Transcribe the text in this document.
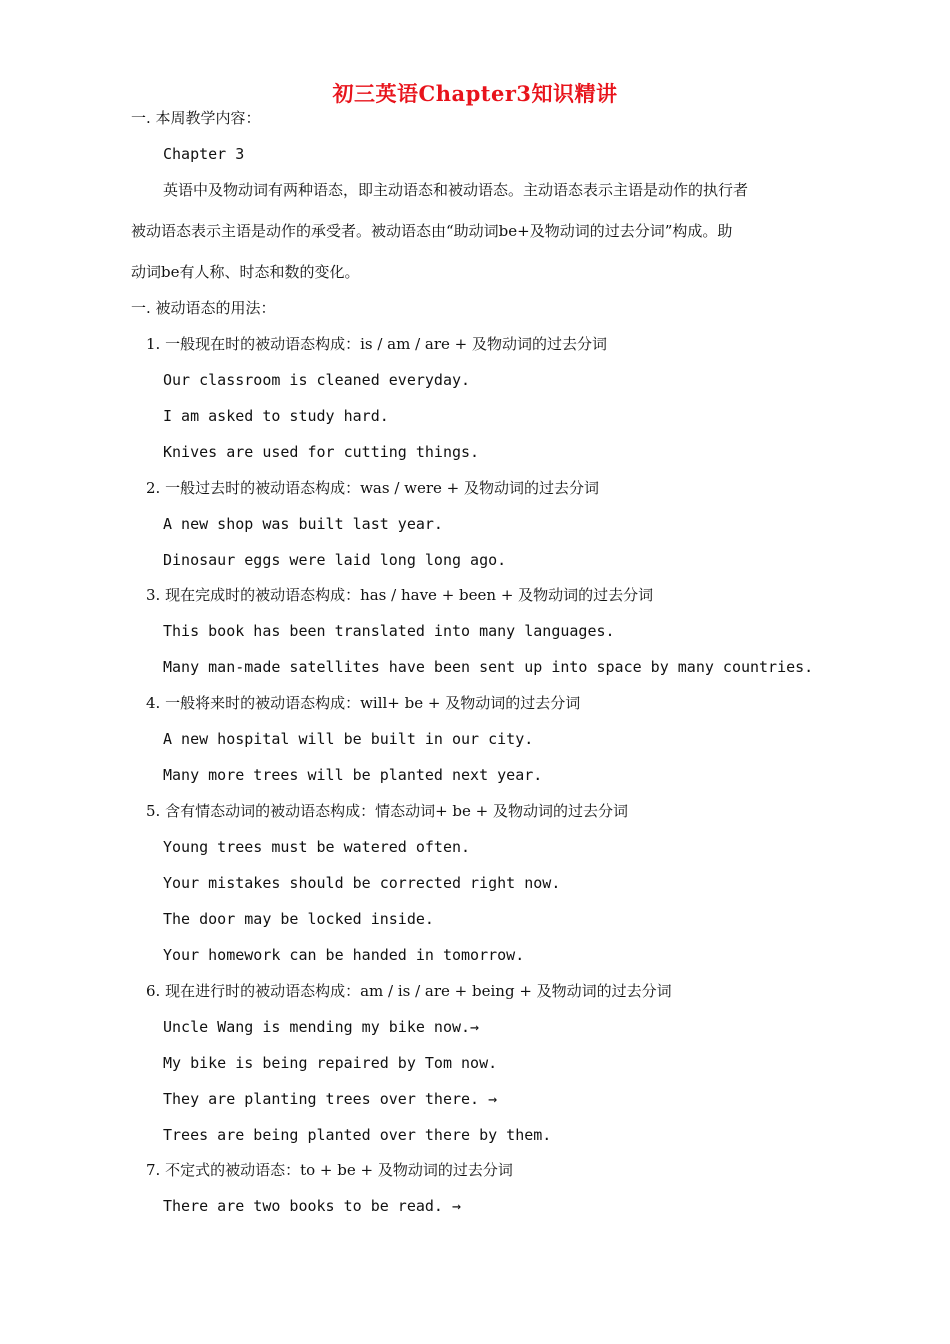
初三英语Chapter3知识精讲
一. 本周教学内容：
Chapter 3
英语中及物动词有两种语态，即主动语态和被动语态。主动语态表示主语是动作的执行者
被动语态表示主语是动作的承受者。被动语态由“助动词be+及物动词的过去分词”构成。助
动词be有人称、时态和数的变化。
一. 被动语态的用法：
1. 一般现在时的被动语态构成：is / am / are + 及物动词的过去分词
Our classroom is cleaned everyday.
I am asked to study hard.
Knives are used for cutting things.
2. 一般过去时的被动语态构成：was / were + 及物动词的过去分词
A new shop was built last year.
Dinosaur eggs were laid long long ago.
3. 现在完成时的被动语态构成：has / have + been + 及物动词的过去分词
This book has been translated into many languages.
Many man-made satellites have been sent up into space by many countries.
4. 一般将来时的被动语态构成：will+ be + 及物动词的过去分词
A new hospital will be built in our city.
Many more trees will be planted next year.
5. 含有情态动词的被动语态构成：情态动词+ be + 及物动词的过去分词
Young trees must be watered often.
Your mistakes should be corrected right now.
The door may be locked inside.
Your homework can be handed in tomorrow.
6. 现在进行时的被动语态构成：am / is / are + being + 及物动词的过去分词
Uncle Wang is mending my bike now.→
My bike is being repaired by Tom now.
They are planting trees over there. →
Trees are being planted over there by them.
7. 不定式的被动语态：to + be + 及物动词的过去分词
There are two books to be read. →
